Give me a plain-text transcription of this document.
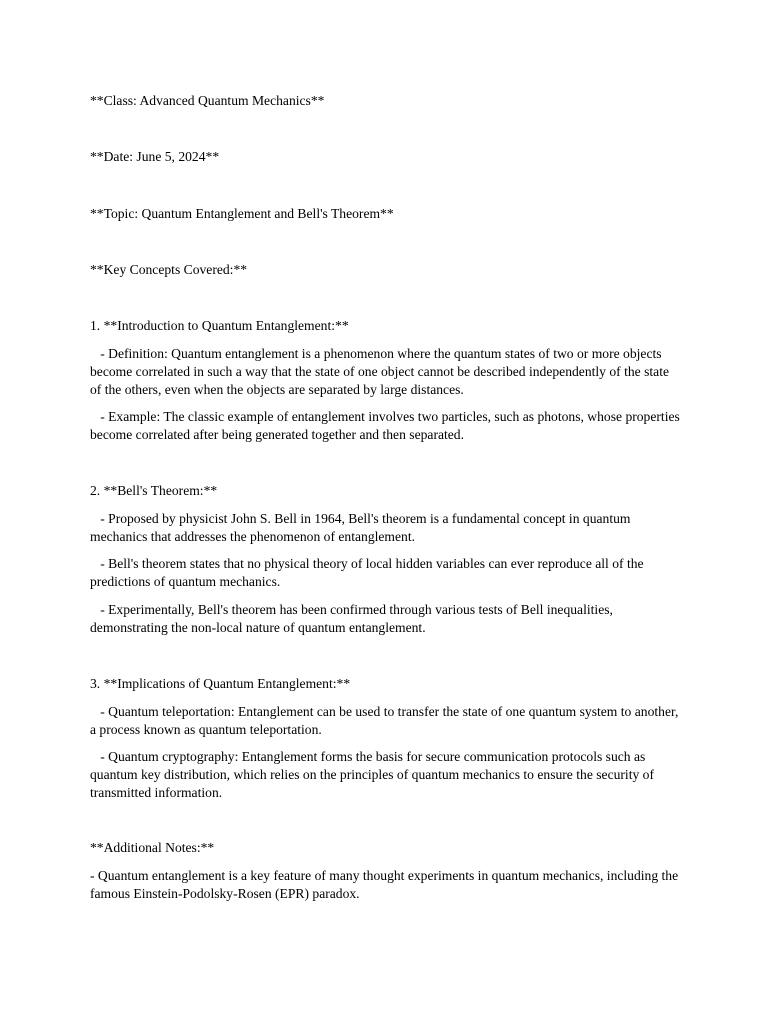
**Class: Advanced Quantum Mechanics**
**Date: June 5, 2024**
**Topic: Quantum Entanglement and Bell's Theorem**
**Key Concepts Covered:**
1. **Introduction to Quantum Entanglement:**
- Definition: Quantum entanglement is a phenomenon where the quantum states of two or more objects become correlated in such a way that the state of one object cannot be described independently of the state of the others, even when the objects are separated by large distances.
- Example: The classic example of entanglement involves two particles, such as photons, whose properties become correlated after being generated together and then separated.
2. **Bell's Theorem:**
- Proposed by physicist John S. Bell in 1964, Bell's theorem is a fundamental concept in quantum mechanics that addresses the phenomenon of entanglement.
- Bell's theorem states that no physical theory of local hidden variables can ever reproduce all of the predictions of quantum mechanics.
- Experimentally, Bell's theorem has been confirmed through various tests of Bell inequalities, demonstrating the non-local nature of quantum entanglement.
3. **Implications of Quantum Entanglement:**
- Quantum teleportation: Entanglement can be used to transfer the state of one quantum system to another, a process known as quantum teleportation.
- Quantum cryptography: Entanglement forms the basis for secure communication protocols such as quantum key distribution, which relies on the principles of quantum mechanics to ensure the security of transmitted information.
**Additional Notes:**
- Quantum entanglement is a key feature of many thought experiments in quantum mechanics, including the famous Einstein-Podolsky-Rosen (EPR) paradox.
